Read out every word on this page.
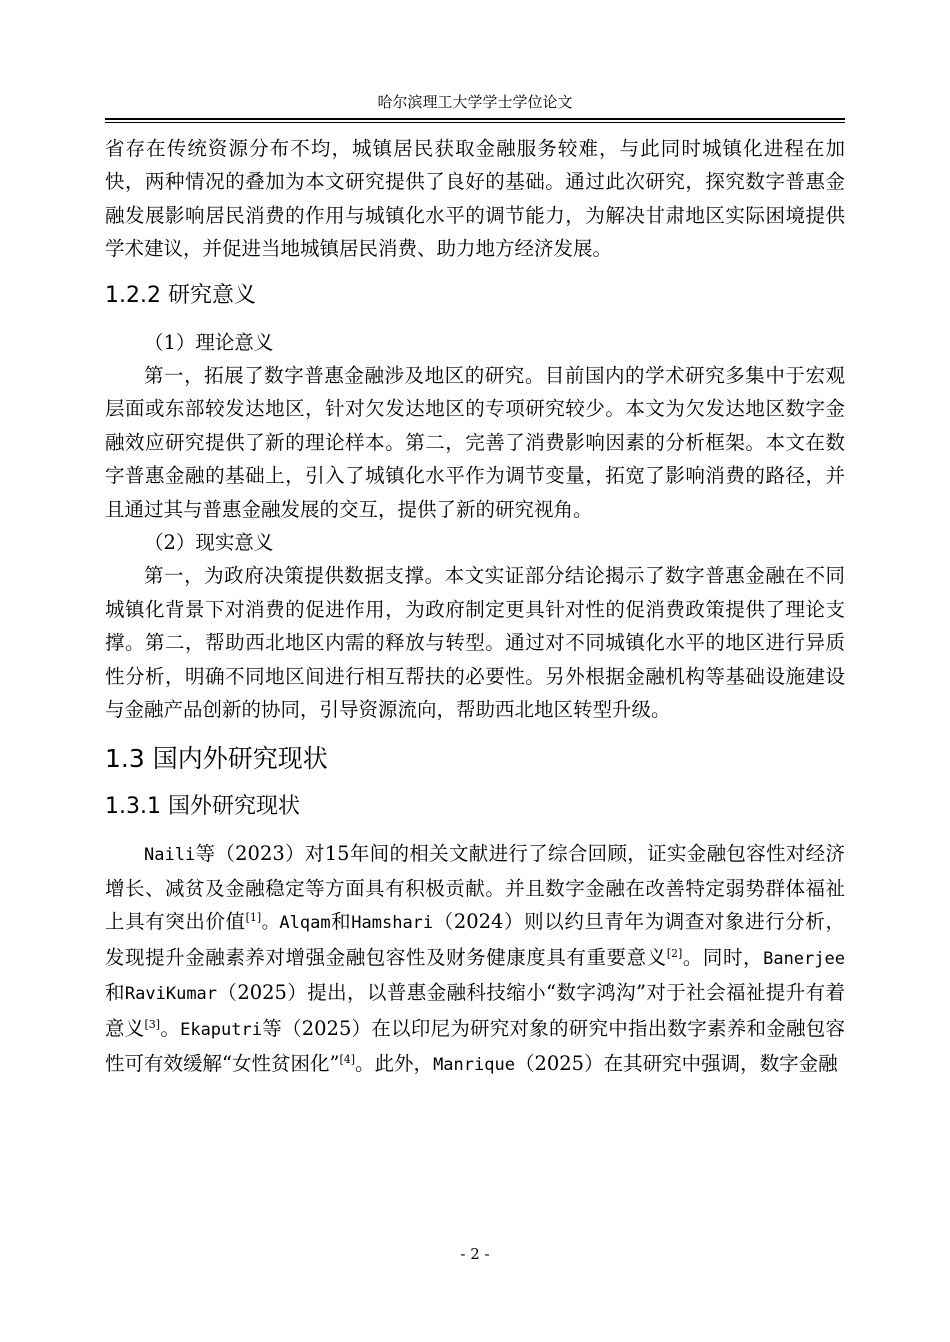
哈尔滨理工大学学士学位论文

省存在传统资源分布不均，城镇居民获取金融服务较难，与此同时城镇化进程在加快，两种情况的叠加为本文研究提供了良好的基础。通过此次研究，探究数字普惠金融发展影响居民消费的作用与城镇化水平的调节能力，为解决甘肃地区实际困境提供学术建议，并促进当地城镇居民消费、助力地方经济发展。

1.2.2 研究意义

（1）理论意义

第一，拓展了数字普惠金融涉及地区的研究。目前国内的学术研究多集中于宏观层面或东部较发达地区，针对欠发达地区的专项研究较少。本文为欠发达地区数字金融效应研究提供了新的理论样本。第二，完善了消费影响因素的分析框架。本文在数字普惠金融的基础上，引入了城镇化水平作为调节变量，拓宽了影响消费的路径，并且通过其与普惠金融发展的交互，提供了新的研究视角。

（2）现实意义

第一，为政府决策提供数据支撑。本文实证部分结论揭示了数字普惠金融在不同城镇化背景下对消费的促进作用，为政府制定更具针对性的促消费政策提供了理论支撑。第二，帮助西北地区内需的释放与转型。通过对不同城镇化水平的地区进行异质性分析，明确不同地区间进行相互帮扶的必要性。另外根据金融机构等基础设施建设与金融产品创新的协同，引导资源流向，帮助西北地区转型升级。

1.3 国内外研究现状
1.3.1 国外研究现状

Naili等（2023）对15年间的相关文献进行了综合回顾，证实金融包容性对经济增长、减贫及金融稳定等方面具有积极贡献。并且数字金融在改善特定弱势群体福祉上具有突出价值[1]。Alqam和Hamshari（2024）则以约旦青年为调查对象进行分析，发现提升金融素养对增强金融包容性及财务健康度具有重要意义[2]。同时，Banerjee和RaviKumar（2025）提出，以普惠金融科技缩小“数字鸿沟”对于社会福祉提升有着意义[3]。Ekaputri等（2025）在以印尼为研究对象的研究中指出数字素养和金融包容性可有效缓解“女性贫困化”[4]。此外，Manrique（2025）在其研究中强调，数字金融

- 2 -
